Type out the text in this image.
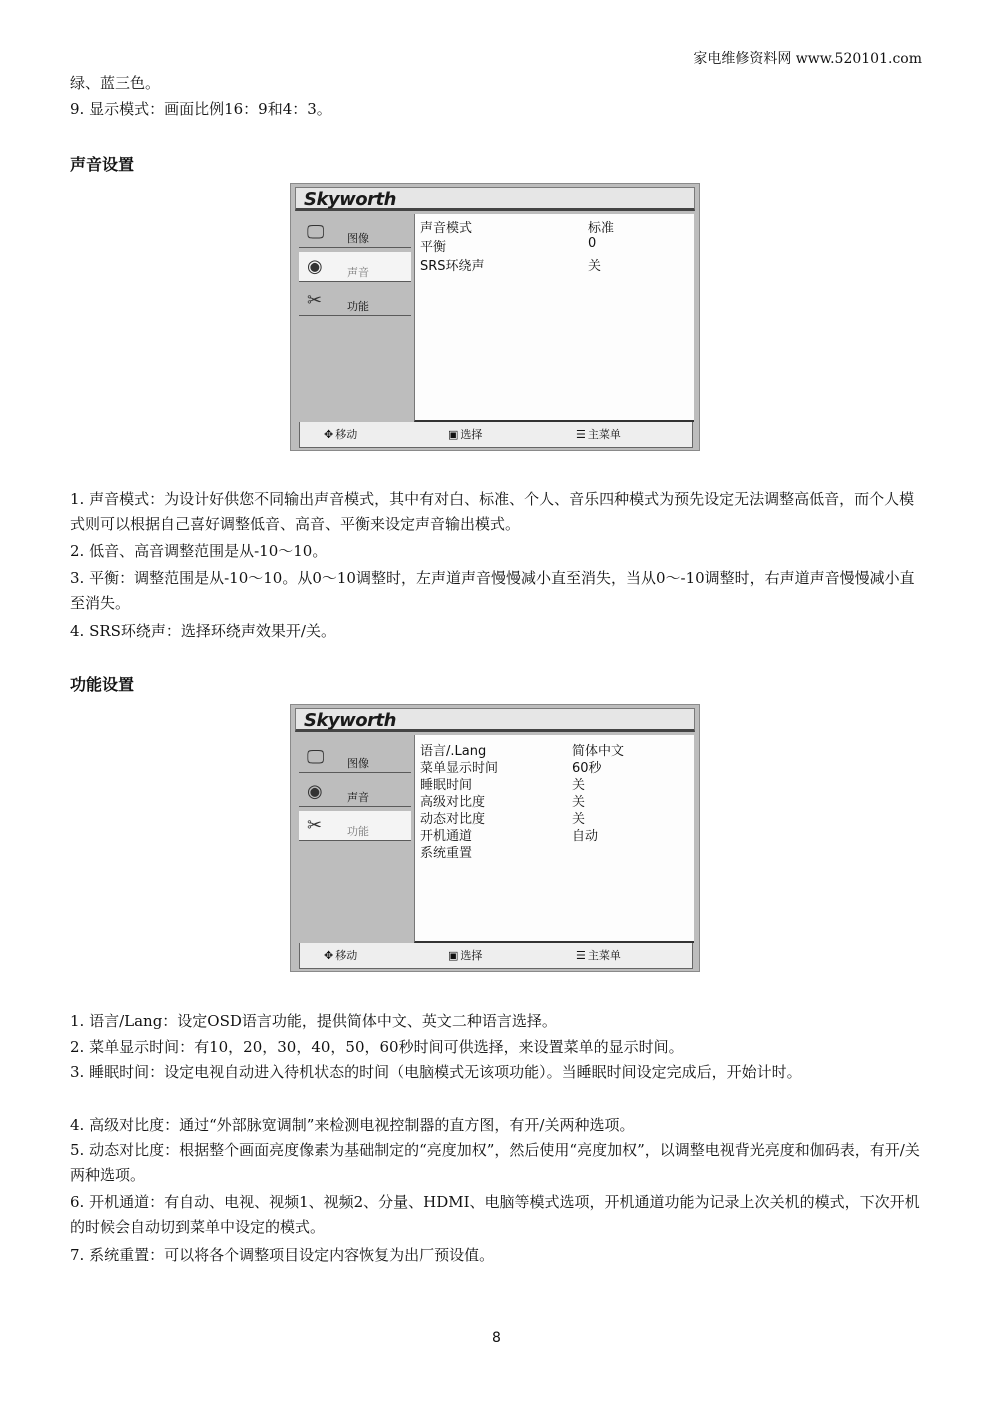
家电维修资料网 www.520101.com
绿、蓝三色。
9. 显示模式：画面比例16：9和4：3。
声音设置
Skyworth
🖵 图像
◉ 声音
✂ 功能
声音模式	标准
平衡	0
SRS环绕声	关
✥ 移动	▣ 选择	☰ 主菜单
1. 声音模式：为设计好供您不同输出声音模式，其中有对白、标准、个人、音乐四种模式为预先设定无法调整高低音，而个人模式则可以根据自己喜好调整低音、高音、平衡来设定声音输出模式。
2. 低音、高音调整范围是从-10～10。
3. 平衡：调整范围是从-10～10。从0～10调整时，左声道声音慢慢减小直至消失，当从0～-10调整时，右声道声音慢慢减小直至消失。
4. SRS环绕声：选择环绕声效果开/关。
功能设置
Skyworth
🖵 图像
◉ 声音
✂ 功能
语言/.Lang	简体中文
菜单显示时间	60秒
睡眠时间	关
高级对比度	关
动态对比度	关
开机通道	自动
系统重置
✥ 移动	▣ 选择	☰ 主菜单
1. 语言/Lang：设定OSD语言功能，提供简体中文、英文二种语言选择。
2. 菜单显示时间：有10，20，30，40，50，60秒时间可供选择，来设置菜单的显示时间。
3. 睡眠时间：设定电视自动进入待机状态的时间（电脑模式无该项功能）。当睡眠时间设定完成后，开始计时。
4. 高级对比度：通过“外部脉宽调制”来检测电视控制器的直方图，有开/关两种选项。
5. 动态对比度：根据整个画面亮度像素为基础制定的“亮度加权”，然后使用“亮度加权”，以调整电视背光亮度和伽码表，有开/关两种选项。
6. 开机通道：有自动、电视、视频1、视频2、分量、HDMI、电脑等模式选项，开机通道功能为记录上次关机的模式，下次开机的时候会自动切到菜单中设定的模式。
7. 系统重置：可以将各个调整项目设定内容恢复为出厂预设值。
8
